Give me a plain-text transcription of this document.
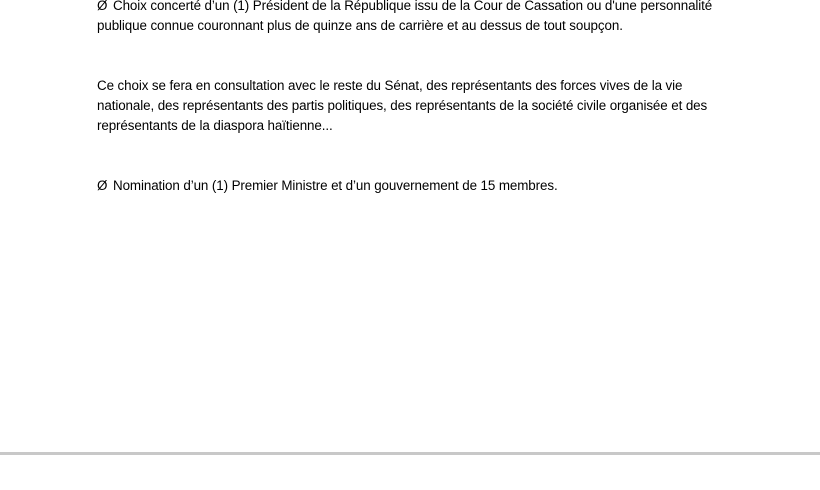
Ø Choix concerté d’un (1) Président de la République issu de la Cour de Cassation ou d'une personnalité
publique connue couronnant plus de quinze ans de carrière et au dessus de tout soupçon.
Ce choix se fera en consultation avec le reste du Sénat, des représentants des forces vives de la vie
nationale, des représentants des partis politiques, des représentants de la société civile organisée et des
représentants de la diaspora haïtienne...
Ø Nomination d’un (1) Premier Ministre et d’un gouvernement de 15 membres.
